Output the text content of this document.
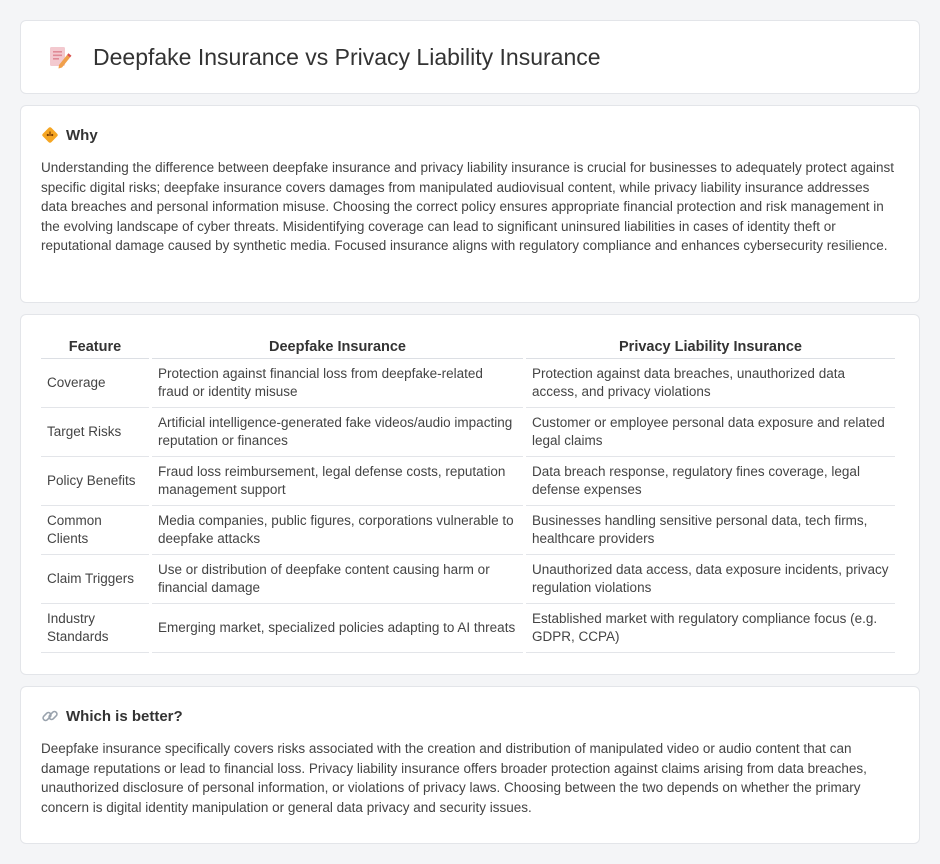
Deepfake Insurance vs Privacy Liability Insurance
Why

Understanding the difference between deepfake insurance and privacy liability insurance is crucial for businesses to adequately protect against specific digital risks; deepfake insurance covers damages from manipulated audiovisual content, while privacy liability insurance addresses data breaches and personal information misuse. Choosing the correct policy ensures appropriate financial protection and risk management in the evolving landscape of cyber threats. Misidentifying coverage can lead to significant uninsured liabilities in cases of identity theft or reputational damage caused by synthetic media. Focused insurance aligns with regulatory compliance and enhances cybersecurity resilience.

Feature	Deepfake Insurance	Privacy Liability Insurance
Coverage	Protection against financial loss from deepfake-related fraud or identity misuse	Protection against data breaches, unauthorized data access, and privacy violations
Target Risks	Artificial intelligence-generated fake videos/audio impacting reputation or finances	Customer or employee personal data exposure and related legal claims
Policy Benefits	Fraud loss reimbursement, legal defense costs, reputation management support	Data breach response, regulatory fines coverage, legal defense expenses
Common Clients	Media companies, public figures, corporations vulnerable to deepfake attacks	Businesses handling sensitive personal data, tech firms, healthcare providers
Claim Triggers	Use or distribution of deepfake content causing harm or financial damage	Unauthorized data access, data exposure incidents, privacy regulation violations
Industry Standards	Emerging market, specialized policies adapting to AI threats	Established market with regulatory compliance focus (e.g. GDPR, CCPA)
Which is better?

Deepfake insurance specifically covers risks associated with the creation and distribution of manipulated video or audio content that can damage reputations or lead to financial loss. Privacy liability insurance offers broader protection against claims arising from data breaches, unauthorized disclosure of personal information, or violations of privacy laws. Choosing between the two depends on whether the primary concern is digital identity manipulation or general data privacy and security issues.
